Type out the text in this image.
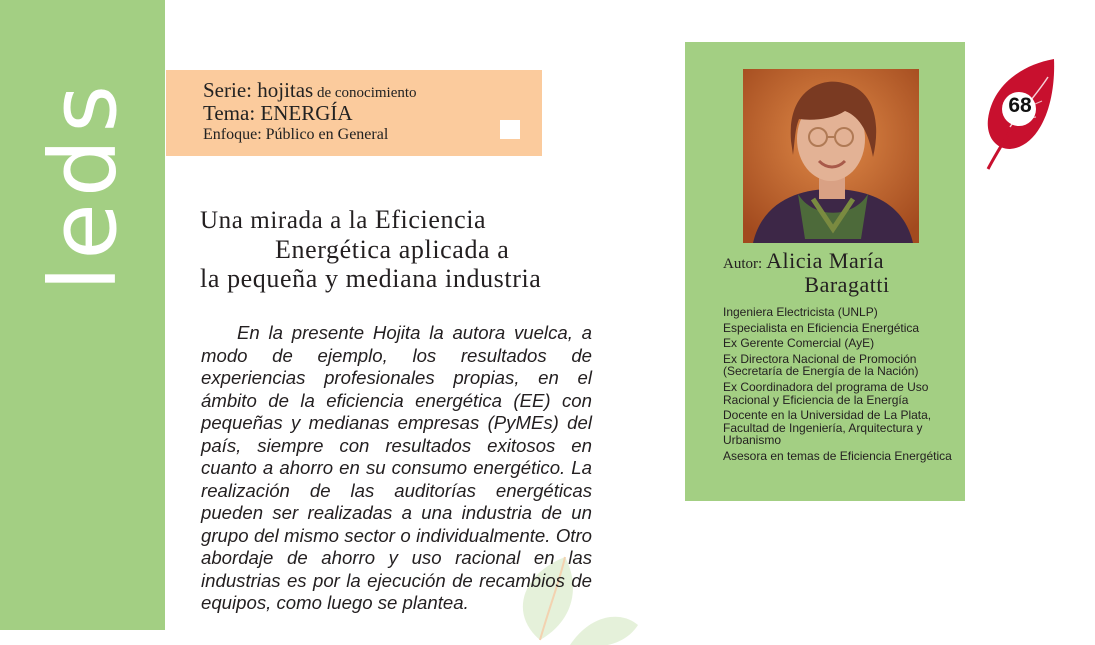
leds	Serie: hojitas de conocimiento
Tema: ENERGÍA
Enfoque: Público en General
Una mirada a la Eficiencia
Energética aplicada a
la pequeña y mediana industria
En la presente Hojita la autora vuelca, a modo de ejemplo, los resultados de experiencias profesionales propias, en el ámbito de la eficiencia energética (EE) con pequeñas y medianas empresas (PyMEs) del país, siempre con resultados exitosos en cuanto a ahorro en su consumo energético. La realización de las auditorías energéticas pueden ser realizadas a una industria de un grupo del mismo sector o individualmente. Otro abordaje de ahorro y uso racional en las industrias es por la ejecución de recambios de equipos, como luego se plantea.
Autor: Alicia María
Baragatti
Ingeniera Electricista (UNLP)
Especialista en Eficiencia Energética
Ex Gerente Comercial (AyE)
Ex Directora Nacional de Promoción (Secretaría de Energía de la Nación)
Ex Coordinadora del programa de Uso Racional y Eficiencia de la Energía
Docente en la Universidad de La Plata, Facultad de Ingeniería, Arquitectura y Urbanismo
Asesora en temas de Eficiencia Energética
68
